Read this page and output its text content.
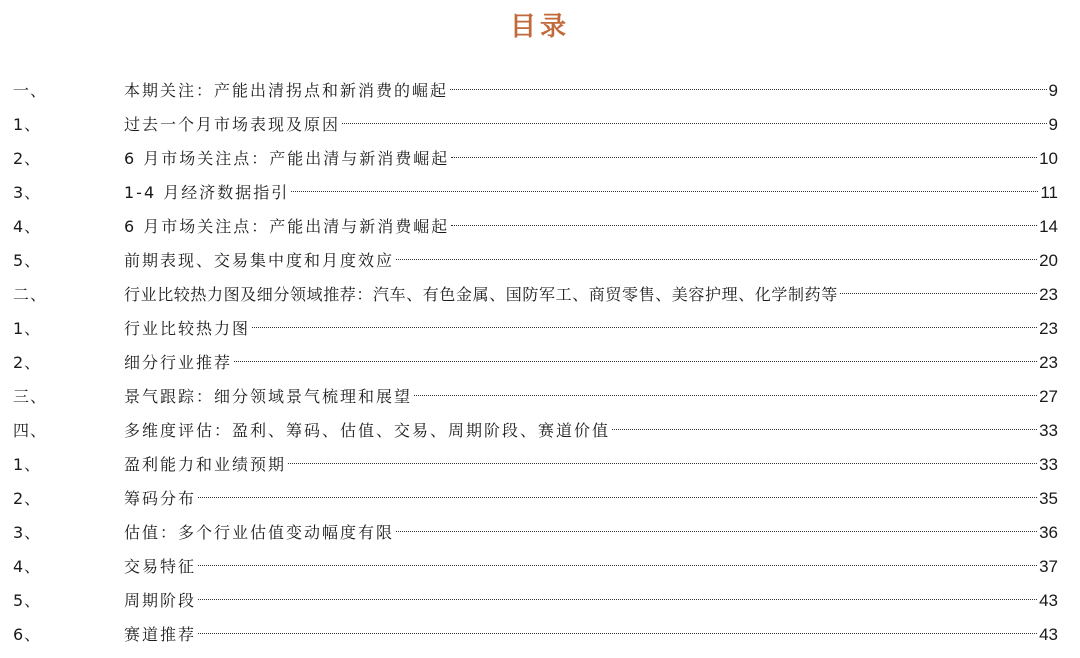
目录
一、	本期关注：产能出清拐点和新消费的崛起	9
1、	过去一个月市场表现及原因	9
2、	6 月市场关注点：产能出清与新消费崛起	10
3、	1-4 月经济数据指引	11
4、	6 月市场关注点：产能出清与新消费崛起	14
5、	前期表现、交易集中度和月度效应	20
二、	行业比较热力图及细分领域推荐：汽车、有色金属、国防军工、商贸零售、美容护理、化学制药等	23
1、	行业比较热力图	23
2、	细分行业推荐	23
三、	景气跟踪：细分领域景气梳理和展望	27
四、	多维度评估：盈利、筹码、估值、交易、周期阶段、赛道价值	33
1、	盈利能力和业绩预期	33
2、	筹码分布	35
3、	估值：多个行业估值变动幅度有限	36
4、	交易特征	37
5、	周期阶段	43
6、	赛道推荐	43
